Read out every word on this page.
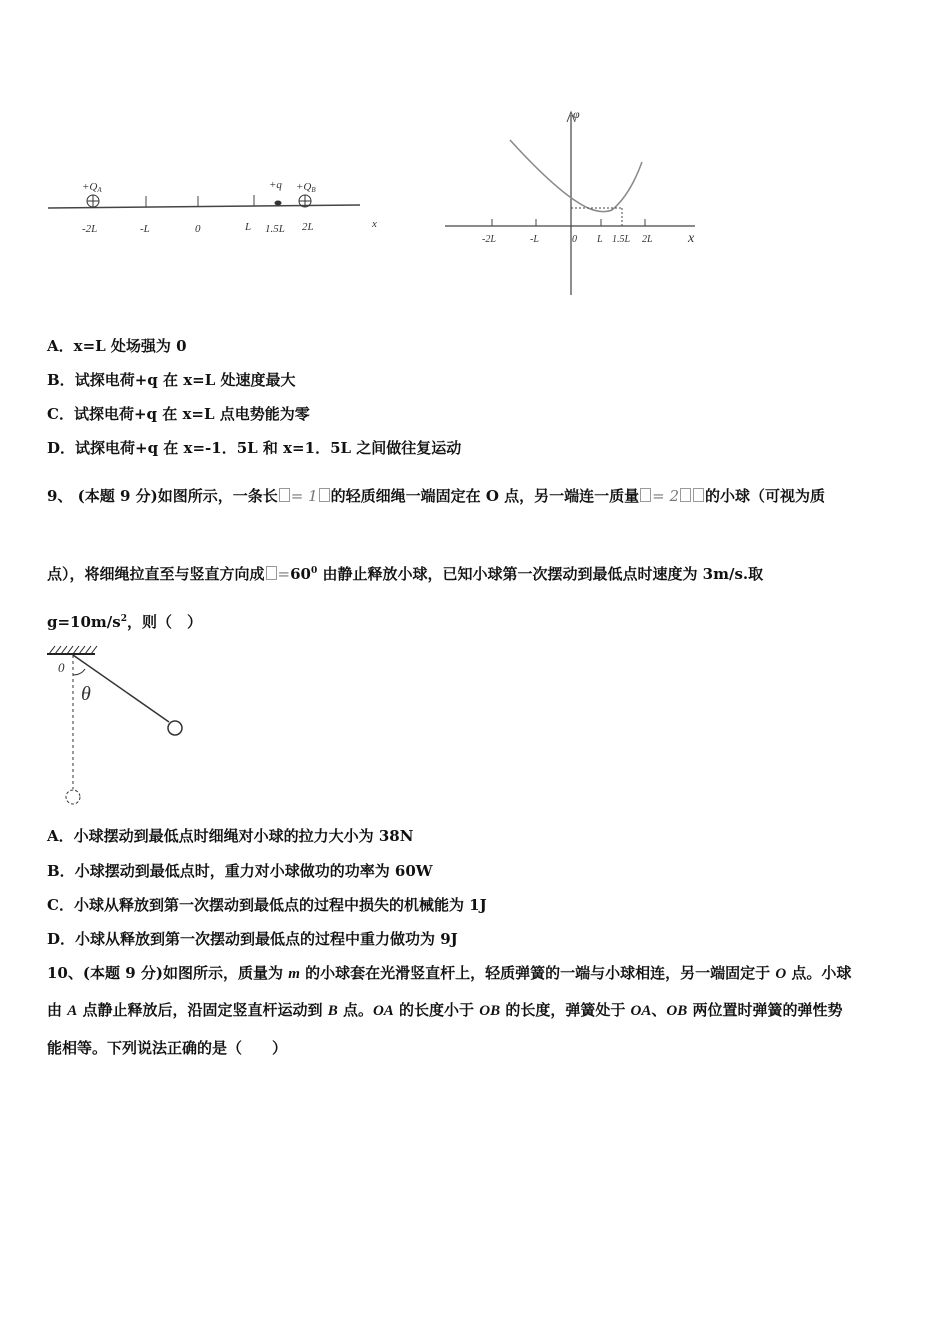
+QA	+q +QB
-2L	-L	0	L 1.5L 2L	x
φ
x
-2L	-L	0 L 1.5L 2L
A．x=L 处场强为 0
B．试探电荷+q 在 x=L 处速度最大
C．试探电荷+q 在 x=L 点电势能为零
D．试探电荷+q 在 x=-1．5L 和 x=1．5L 之间做往复运动
9、 (本题 9 分)如图所示，一条长 = 1 的轻质细绳一端固定在 O 点，另一端连一质量 = 2 的小球（可视为质
点），将细绳拉直至与竖直方向成 $=60^0$ 由静止释放小球，已知小球第一次摆动到最低点时速度为 3m/s.取
$g=10m/s^2$，则（　）
0
θ
A．小球摆动到最低点时细绳对小球的拉力大小为 38N
B．小球摆动到最低点时，重力对小球做功的功率为 60W
C．小球从释放到第一次摆动到最低点的过程中损失的机械能为 1J
D．小球从释放到第一次摆动到最低点的过程中重力做功为 9J
10、(本题 9 分)如图所示，质量为 m 的小球套在光滑竖直杆上，轻质弹簧的一端与小球相连，另一端固定于 O 点。小球
由 A 点静止释放后，沿固定竖直杆运动到 B 点。OA 的长度小于 OB 的长度，弹簧处于 OA、OB 两位置时弹簧的弹性势
能相等。下列说法正确的是（　　）
